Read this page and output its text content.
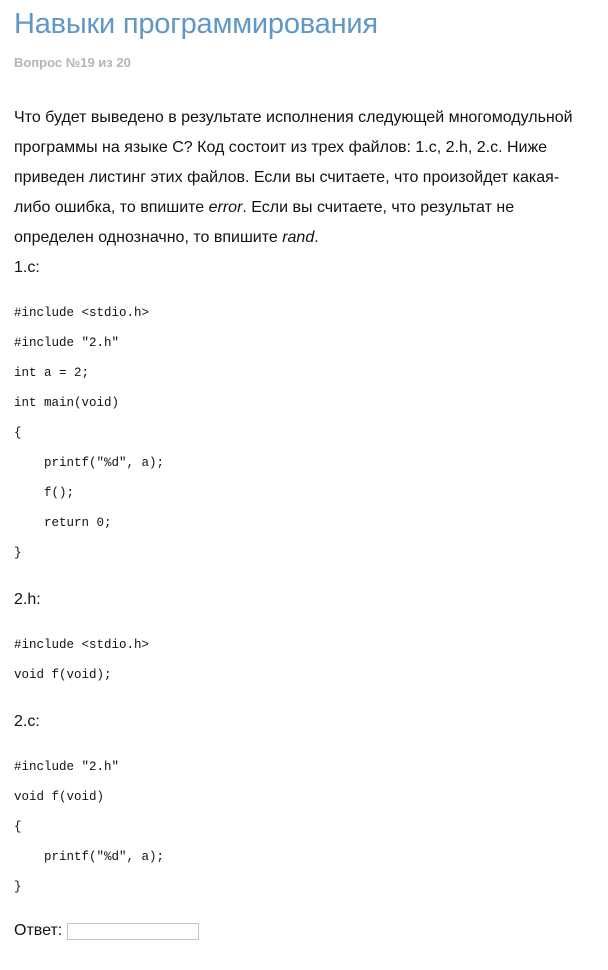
Навыки программирования
Вопрос №19 из 20
Что будет выведено в результате исполнения следующей многомодульной программы на языке С? Код состоит из трех файлов: 1.c, 2.h, 2.c. Ниже приведен листинг этих файлов. Если вы считаете, что произойдет какая-либо ошибка, то впишите error. Если вы считаете, что результат не определен однозначно, то впишите rand.
1.c:
#include <stdio.h>
#include "2.h"
int a = 2;
int main(void)
{
printf("%d", a);
f();
return 0;
}
2.h:
#include <stdio.h>
void f(void);
2.c:
#include "2.h"
void f(void)
{
printf("%d", a);
}
Ответ:
